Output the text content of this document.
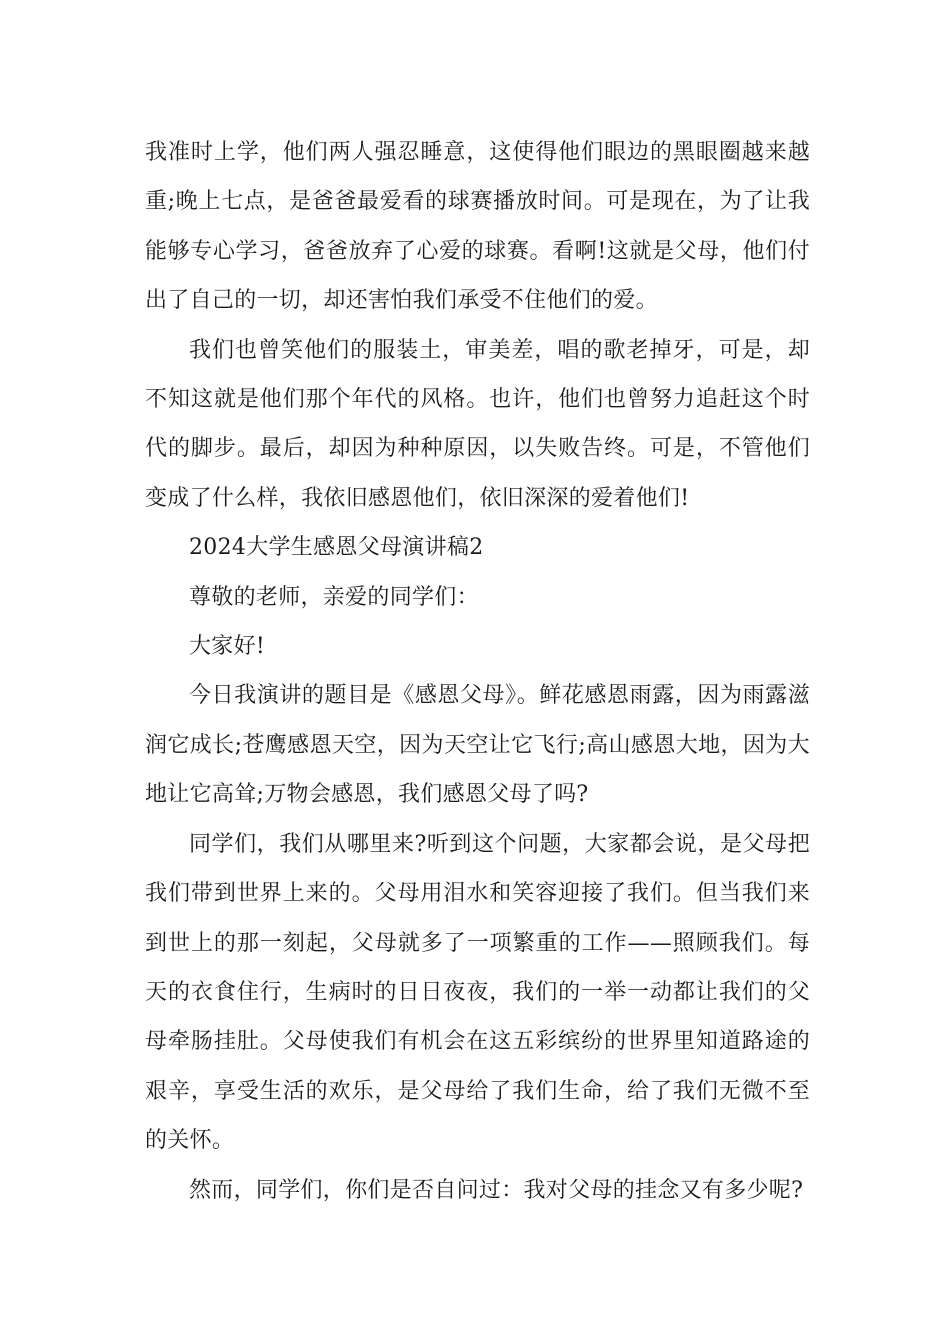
我准时上学，他们两人强忍睡意，这使得他们眼边的黑眼圈越来越重;晚上七点，是爸爸最爱看的球赛播放时间。可是现在，为了让我能够专心学习，爸爸放弃了心爱的球赛。看啊!这就是父母，他们付出了自己的一切，却还害怕我们承受不住他们的爱。

我们也曾笑他们的服装土，审美差，唱的歌老掉牙，可是，却不知这就是他们那个年代的风格。也许，他们也曾努力追赶这个时代的脚步。最后，却因为种种原因，以失败告终。可是，不管他们变成了什么样，我依旧感恩他们，依旧深深的爱着他们!

2024大学生感恩父母演讲稿2

尊敬的老师，亲爱的同学们：

大家好!

今日我演讲的题目是《感恩父母》。鲜花感恩雨露，因为雨露滋润它成长;苍鹰感恩天空，因为天空让它飞行;高山感恩大地，因为大地让它高耸;万物会感恩，我们感恩父母了吗?

同学们，我们从哪里来?听到这个问题，大家都会说，是父母把我们带到世界上来的。父母用泪水和笑容迎接了我们。但当我们来到世上的那一刻起，父母就多了一项繁重的工作——照顾我们。每天的衣食住行，生病时的日日夜夜，我们的一举一动都让我们的父母牵肠挂肚。父母使我们有机会在这五彩缤纷的世界里知道路途的艰辛，享受生活的欢乐，是父母给了我们生命，给了我们无微不至的关怀。

然而，同学们，你们是否自问过：我对父母的挂念又有多少呢?
